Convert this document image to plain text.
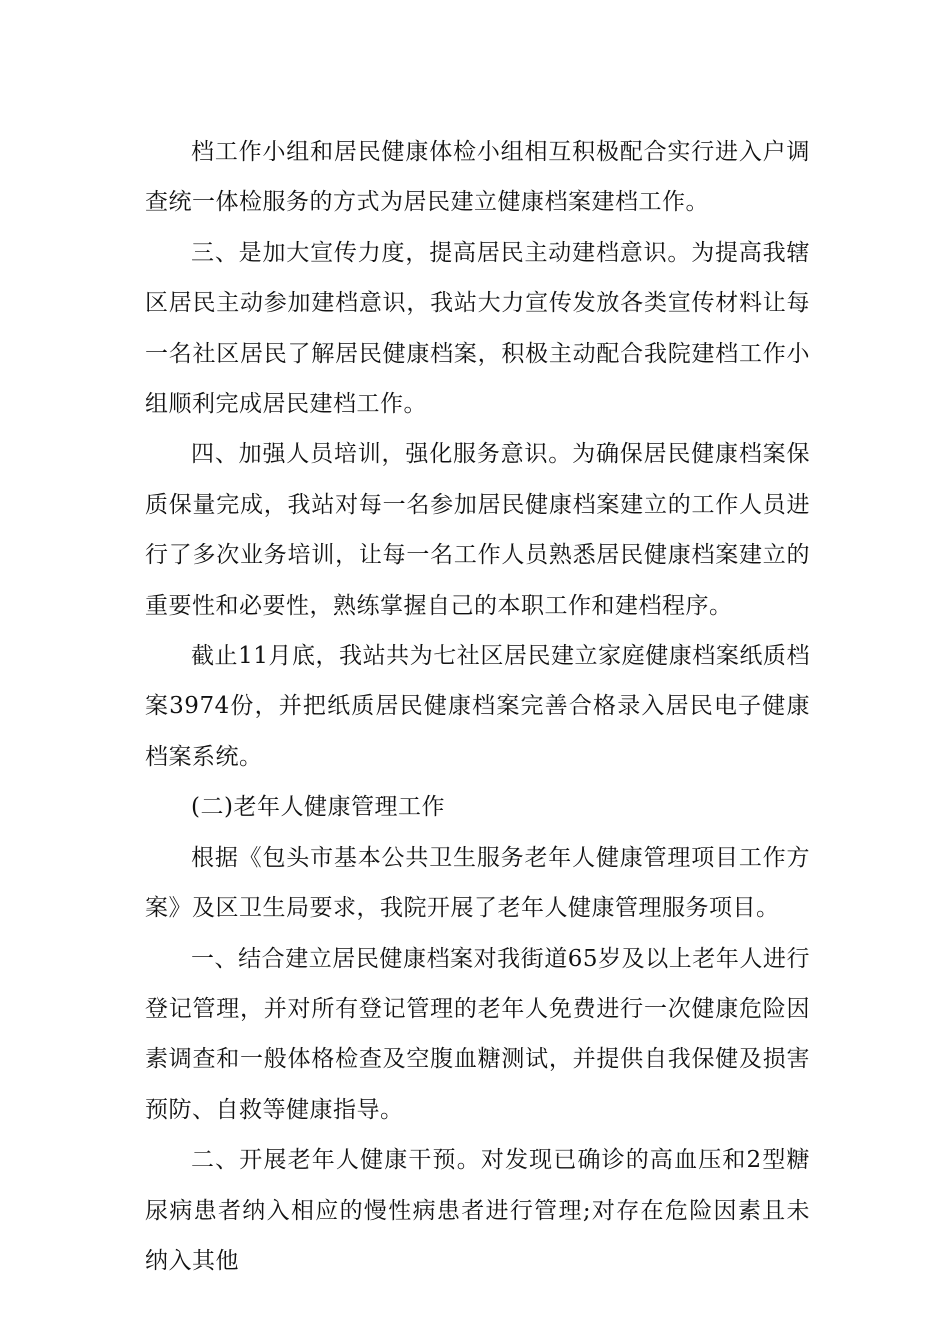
档工作小组和居民健康体检小组相互积极配合实行进入户调查统一体检服务的方式为居民建立健康档案建档工作。

三、是加大宣传力度，提高居民主动建档意识。为提高我辖区居民主动参加建档意识，我站大力宣传发放各类宣传材料让每一名社区居民了解居民健康档案，积极主动配合我院建档工作小组顺利完成居民建档工作。

四、加强人员培训，强化服务意识。为确保居民健康档案保质保量完成，我站对每一名参加居民健康档案建立的工作人员进行了多次业务培训，让每一名工作人员熟悉居民健康档案建立的重要性和必要性，熟练掌握自己的本职工作和建档程序。

截止11月底，我站共为七社区居民建立家庭健康档案纸质档案3974份，并把纸质居民健康档案完善合格录入居民电子健康档案系统。

(二)老年人健康管理工作

根据《包头市基本公共卫生服务老年人健康管理项目工作方案》及区卫生局要求，我院开展了老年人健康管理服务项目。

一、结合建立居民健康档案对我街道65岁及以上老年人进行登记管理，并对所有登记管理的老年人免费进行一次健康危险因素调查和一般体格检查及空腹血糖测试，并提供自我保健及损害预防、自救等健康指导。

二、开展老年人健康干预。对发现已确诊的高血压和2型糖尿病患者纳入相应的慢性病患者进行管理;对存在危险因素且未纳入其他
